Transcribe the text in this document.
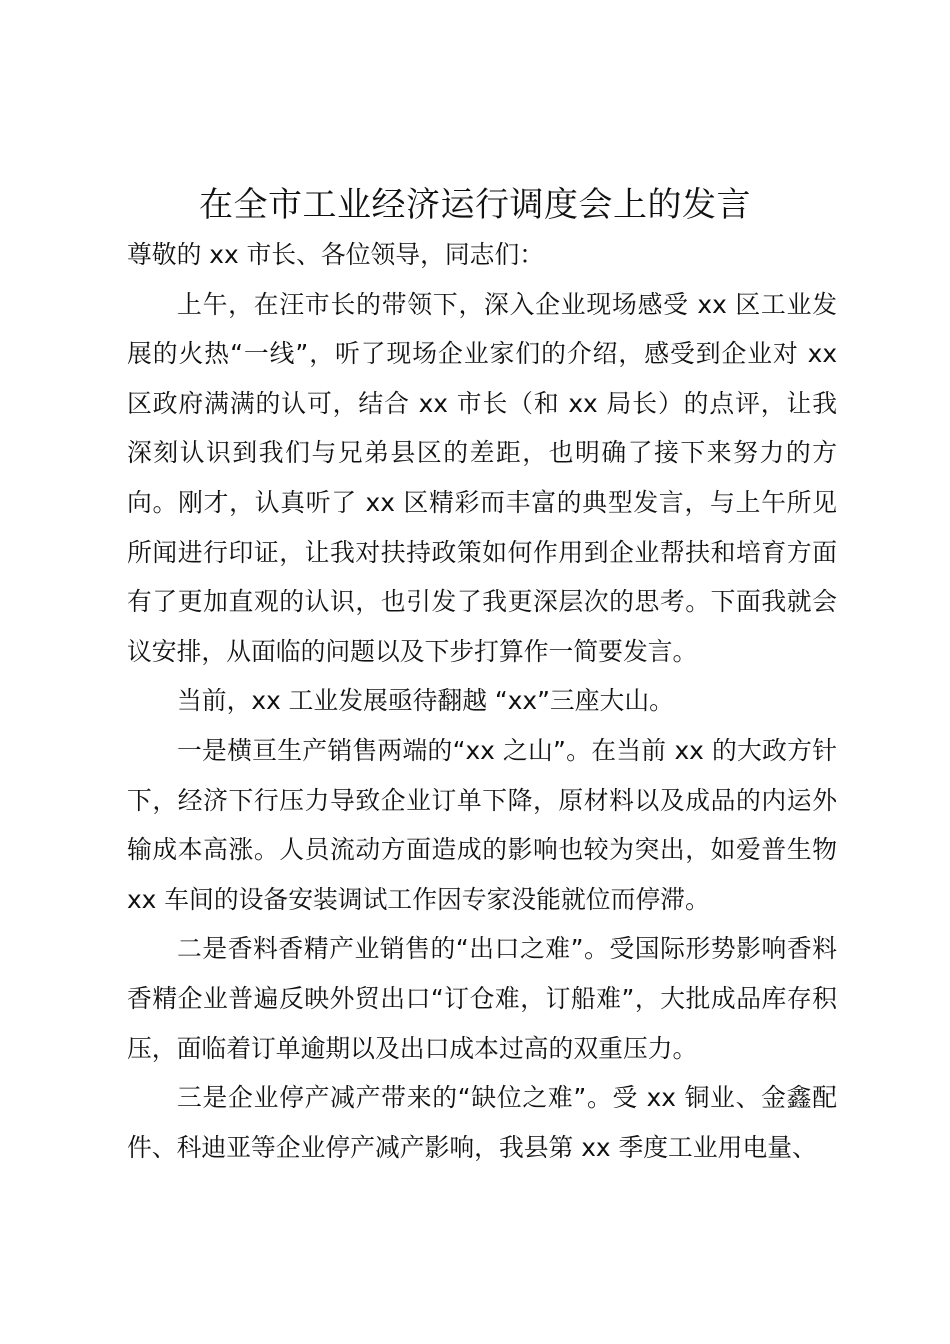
在全市工业经济运行调度会上的发言

尊敬的 xx 市长、各位领导，同志们：

上午，在汪市长的带领下，深入企业现场感受 xx 区工业发展的火热“一线”，听了现场企业家们的介绍，感受到企业对 xx 区政府满满的认可，结合 xx 市长（和 xx 局长）的点评，让我深刻认识到我们与兄弟县区的差距，也明确了接下来努力的方向。刚才，认真听了 xx 区精彩而丰富的典型发言，与上午所见所闻进行印证，让我对扶持政策如何作用到企业帮扶和培育方面有了更加直观的认识，也引发了我更深层次的思考。下面我就会议安排，从面临的问题以及下步打算作一简要发言。

当前，xx 工业发展亟待翻越 “xx”三座大山。

一是横亘生产销售两端的“xx 之山”。在当前 xx 的大政方针下，经济下行压力导致企业订单下降，原材料以及成品的内运外输成本高涨。人员流动方面造成的影响也较为突出，如爱普生物 xx 车间的设备安装调试工作因专家没能就位而停滞。

二是香料香精产业销售的“出口之难”。受国际形势影响香料香精企业普遍反映外贸出口“订仓难，订船难”，大批成品库存积压，面临着订单逾期以及出口成本过高的双重压力。

三是企业停产减产带来的“缺位之难”。受 xx 铜业、金鑫配件、科迪亚等企业停产减产影响，我县第 xx 季度工业用电量、
